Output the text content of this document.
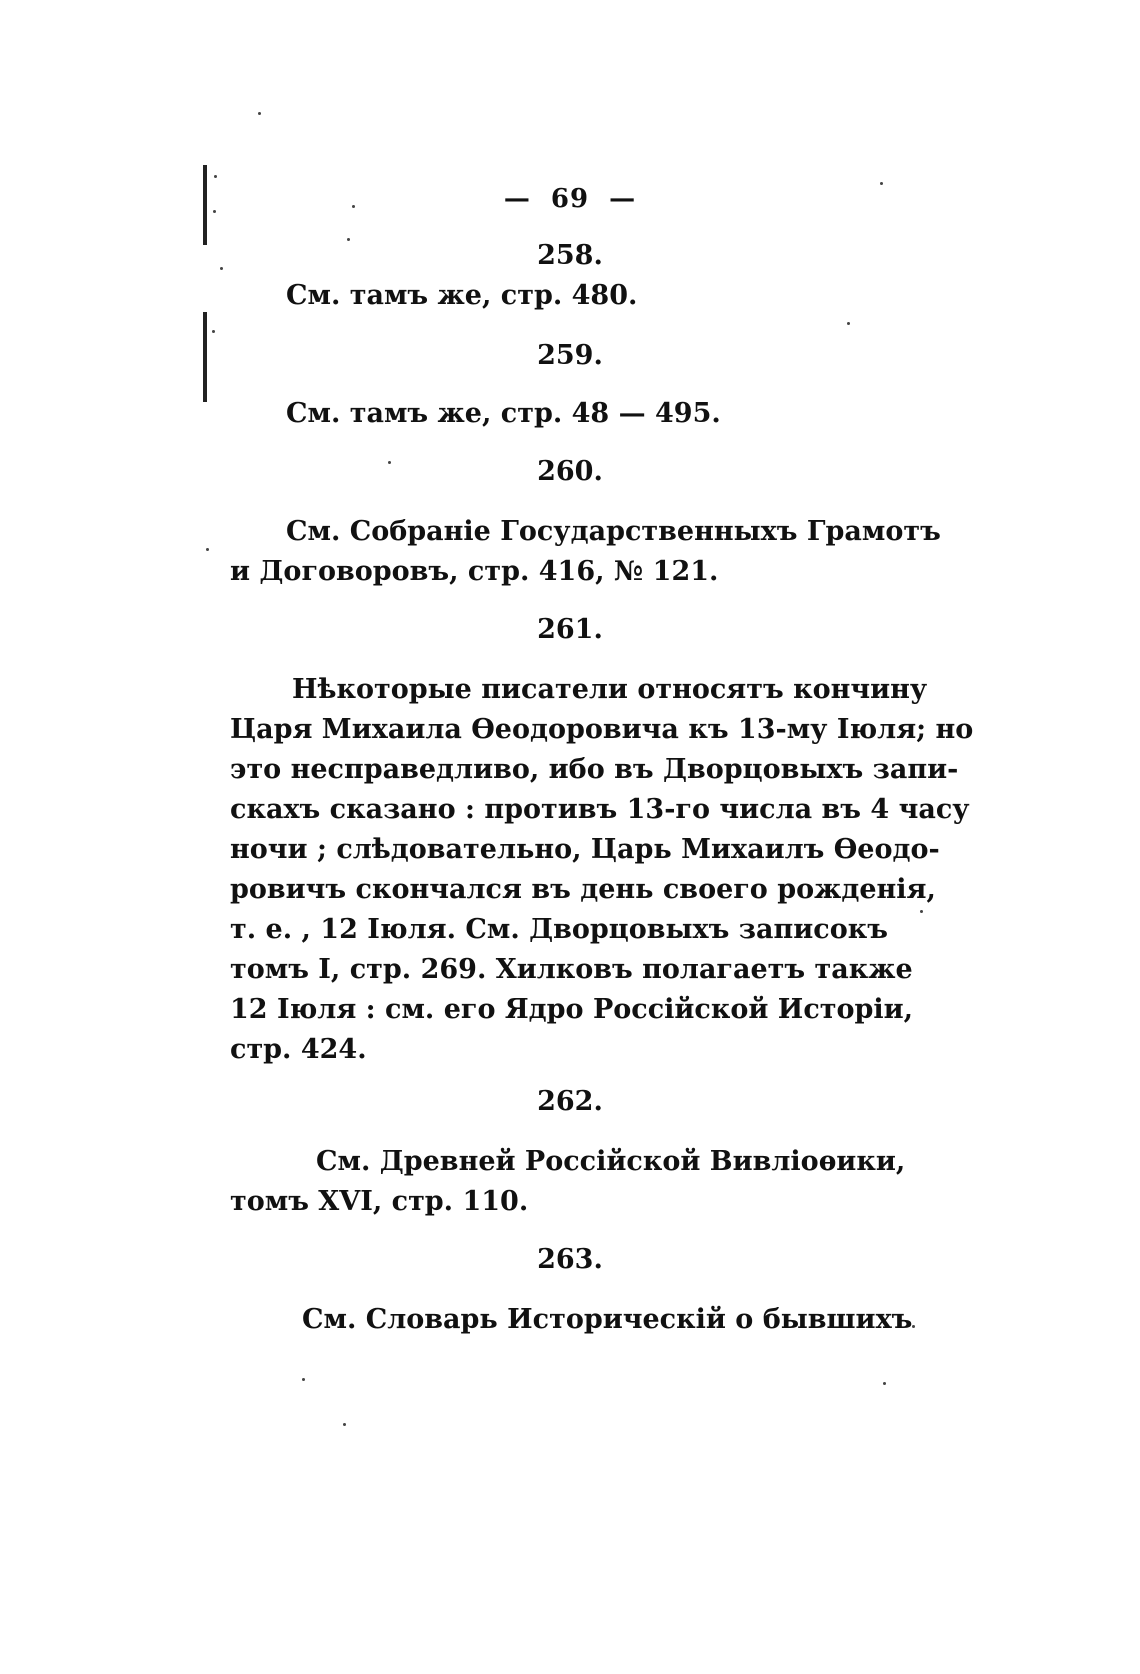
— 69 —
258.
См. тамъ же, стр. 480.
259.
См. тамъ же, стр. 48 — 495.
260.
См. Собраніе Государственныхъ Грамотъ
и Договоровъ, стр. 416, № 121.
261.
Нѣкоторые писатели относятъ кончину
Царя Михаила Ѳеодоровича къ 13-му Іюля; но
это несправедливо, ибо въ Дворцовыхъ запи-
скахъ сказано : противъ 13-го числа въ 4 часу
ночи ; слѣдовательно, Царь Михаилъ Ѳеодо-
ровичъ скончался въ день своего рожденія,
т. е. , 12 Іюля. См. Дворцовыхъ записокъ
томъ I, стр. 269. Хилковъ полагаетъ также
12 Іюля : см. его Ядро Россійской Исторіи,
стр. 424.
262.
См. Древней Россійской Вивліоѳики,
томъ XVI, стр. 110.
263.
См. Словарь Историческій о бывшихъ
